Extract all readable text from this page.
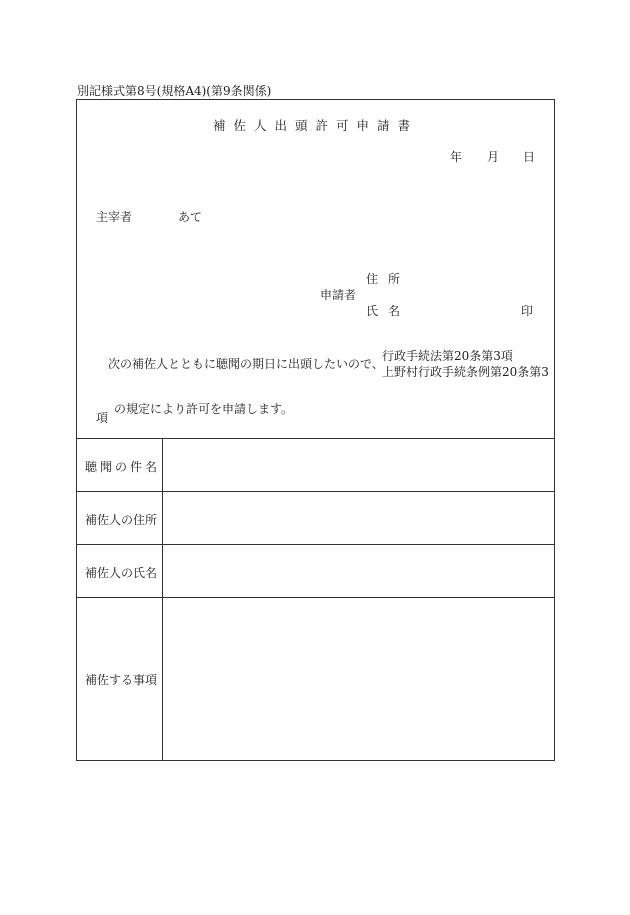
別記様式第8号(規格A4)(第9条関係)
補佐人出頭許可申請書
年 月 日
主宰者	あて
住所
申請者
氏名	印
次の補佐人とともに聴聞の期日に出頭したいので、
行政手続法第20条第3項
上野村行政手続条例第20条第3
項
の規定により許可を申請します。
聴聞の件名
補佐人の住所
補佐人の氏名
補佐する事項
